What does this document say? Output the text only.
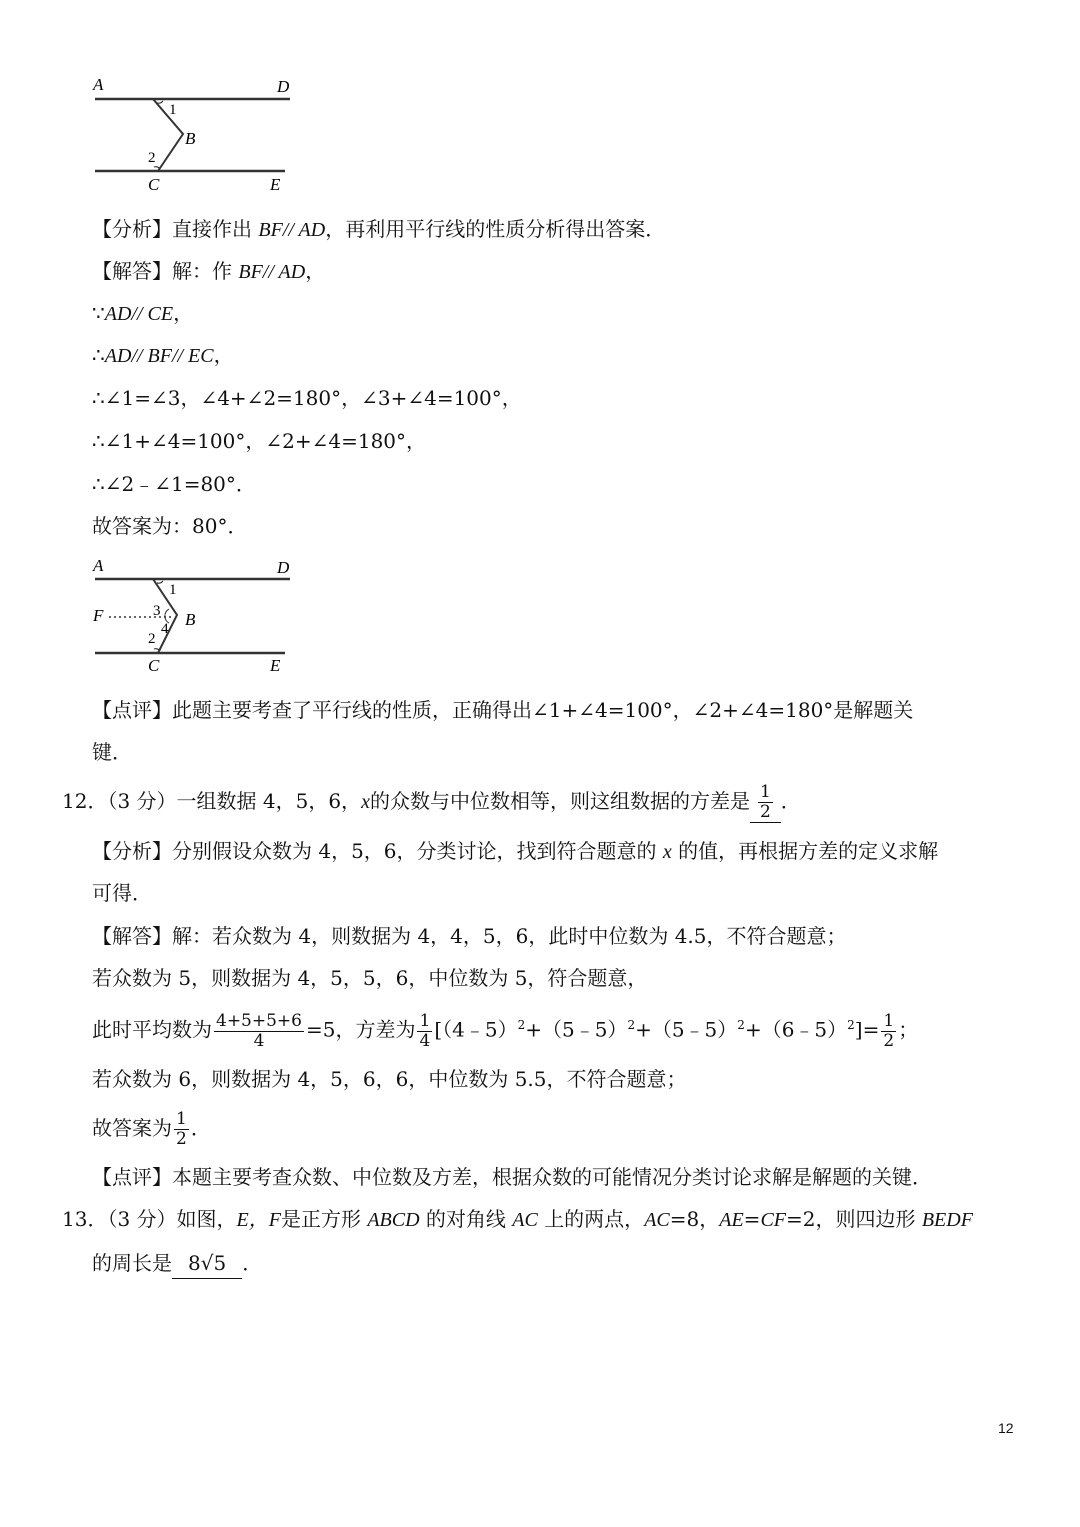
A	D
1
B
2
C	E
【分析】直接作出 BF// AD，再利用平行线的性质分析得出答案．
【解答】解：作 BF// AD，
∵AD// CE，
∴AD// BF// EC，
∴∠1=∠3，∠4+∠2=180°，∠3+∠4=100°，
∴∠1+∠4=100°，∠2+∠4=180°，
∴∠2﹣∠1=80°．
故答案为：80°．
A	D
1
F	3 B
4
2
C	E
【点评】此题主要考查了平行线的性质，正确得出∠1+∠4=100°，∠2+∠4=180°是解题关
键．
12．（3 分）一组数据 4，5，6，x的众数与中位数相等，则这组数据的方差是 $\frac{1}{2}$ ．
【分析】分别假设众数为 4，5，6，分类讨论，找到符合题意的 x 的值，再根据方差的定义求解
可得．
【解答】解：若众数为 4，则数据为 4，4，5，6，此时中位数为 4.5，不符合题意；
若众数为 5，则数据为 4，5，5，6，中位数为 5，符合题意，
此时平均数为 $\frac{4+5+5+6}{4} =5$，方差为 $\frac{1}{4}$ [（4﹣5）$^2$+（5﹣5）$^2$+（5﹣5）$^2$+（6﹣5）$^2$]= $\frac{1}{2}$ ；
若众数为 6，则数据为 4，5，6，6，中位数为 5.5，不符合题意；
故答案为 $\frac{1}{2}$ ．
【点评】本题主要考查众数、中位数及方差，根据众数的可能情况分类讨论求解是解题的关键．
13．（3 分）如图，E，F是正方形 ABCD 的对角线 AC 上的两点，AC=8，AE=CF=2，则四边形 BEDF
的周长是 8√5 ．
12
